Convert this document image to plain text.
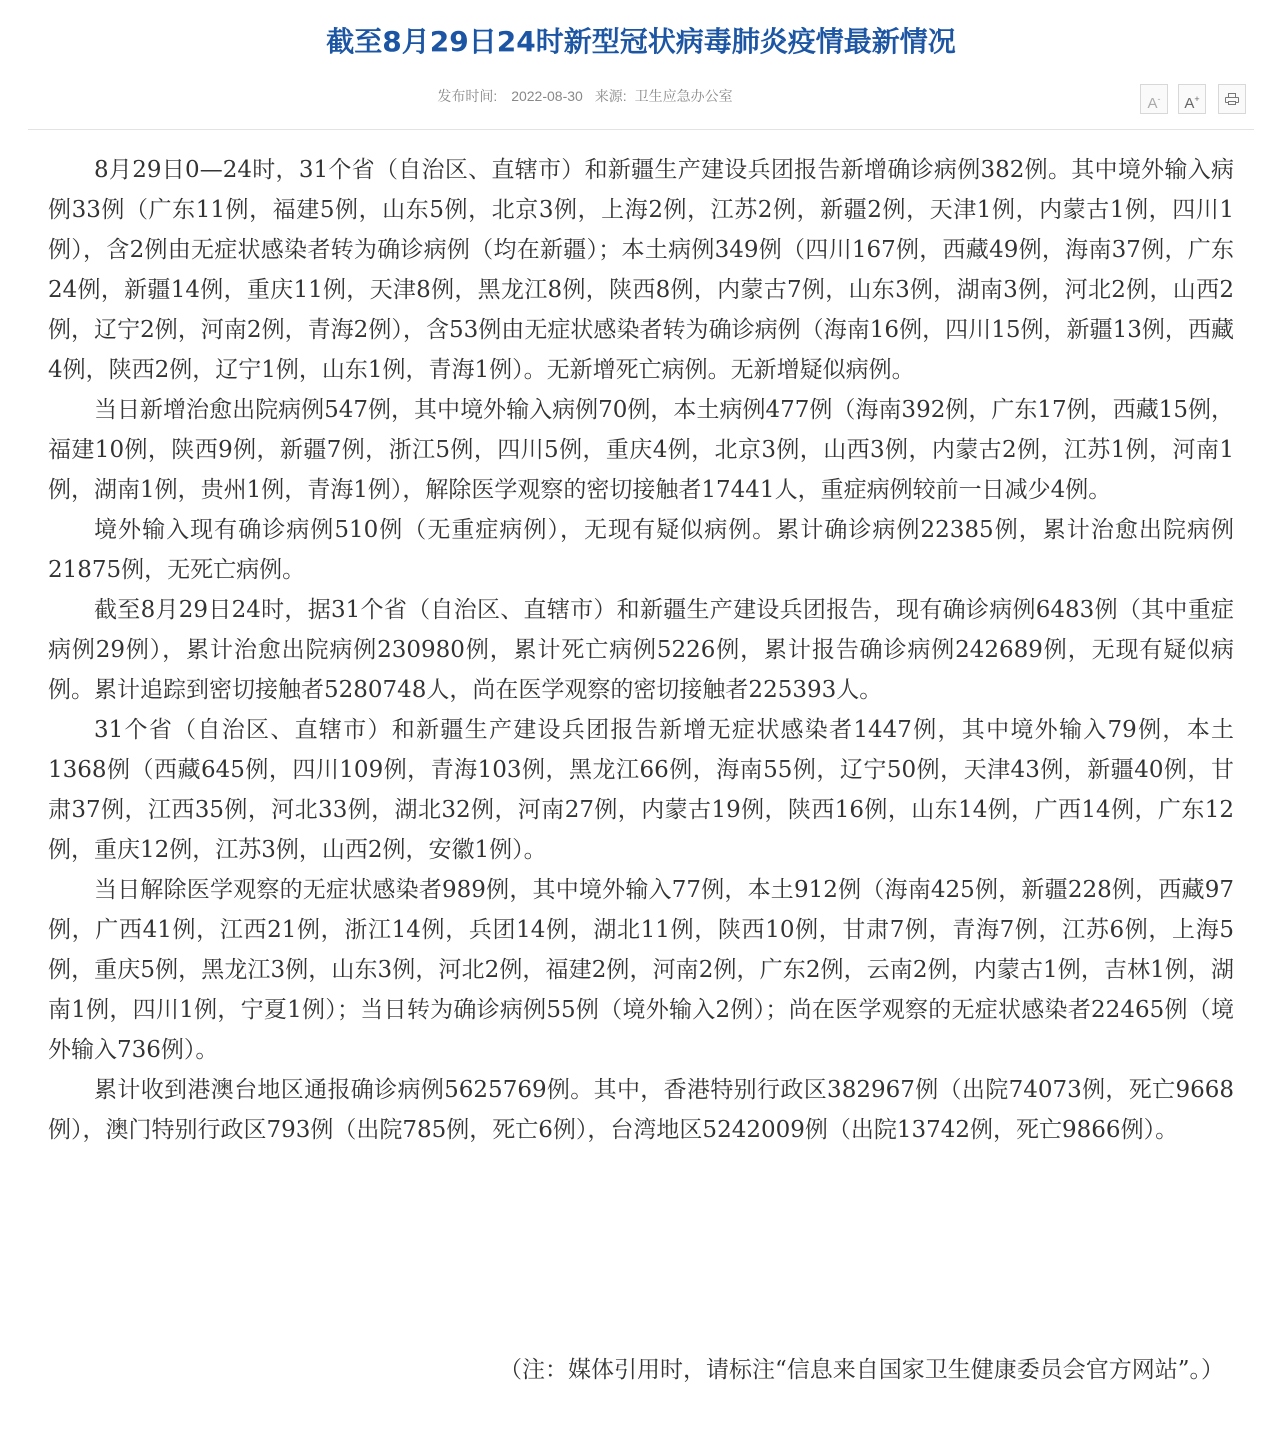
截至8月29日24时新型冠状病毒肺炎疫情最新情况
发布时间: 2022-08-30 来源: 卫生应急办公室	A-	A+

8月29日0—24时，31个省（自治区、直辖市）和新疆生产建设兵团报告新增确诊病例382例。其中境外输入病例33例（广东11例，福建5例，山东5例，北京3例，上海2例，江苏2例，新疆2例，天津1例，内蒙古1例，四川1例），含2例由无症状感染者转为确诊病例（均在新疆）；本土病例349例（四川167例，西藏49例，海南37例，广东24例，新疆14例，重庆11例，天津8例，黑龙江8例，陕西8例，内蒙古7例，山东3例，湖南3例，河北2例，山西2例，辽宁2例，河南2例，青海2例），含53例由无症状感染者转为确诊病例（海南16例，四川15例，新疆13例，西藏4例，陕西2例，辽宁1例，山东1例，青海1例）。无新增死亡病例。无新增疑似病例。

当日新增治愈出院病例547例，其中境外输入病例70例，本土病例477例（海南392例，广东17例，西藏15例，福建10例，陕西9例，新疆7例，浙江5例，四川5例，重庆4例，北京3例，山西3例，内蒙古2例，江苏1例，河南1例，湖南1例，贵州1例，青海1例），解除医学观察的密切接触者17441人，重症病例较前一日减少4例。

境外输入现有确诊病例510例（无重症病例），无现有疑似病例。累计确诊病例22385例，累计治愈出院病例21875例，无死亡病例。

截至8月29日24时，据31个省（自治区、直辖市）和新疆生产建设兵团报告，现有确诊病例6483例（其中重症病例29例），累计治愈出院病例230980例，累计死亡病例5226例，累计报告确诊病例242689例，无现有疑似病例。累计追踪到密切接触者5280748人，尚在医学观察的密切接触者225393人。

31个省（自治区、直辖市）和新疆生产建设兵团报告新增无症状感染者1447例，其中境外输入79例，本土1368例（西藏645例，四川109例，青海103例，黑龙江66例，海南55例，辽宁50例，天津43例，新疆40例，甘肃37例，江西35例，河北33例，湖北32例，河南27例，内蒙古19例，陕西16例，山东14例，广西14例，广东12例，重庆12例，江苏3例，山西2例，安徽1例）。

当日解除医学观察的无症状感染者989例，其中境外输入77例，本土912例（海南425例，新疆228例，西藏97例，广西41例，江西21例，浙江14例，兵团14例，湖北11例，陕西10例，甘肃7例，青海7例，江苏6例，上海5例，重庆5例，黑龙江3例，山东3例，河北2例，福建2例，河南2例，广东2例，云南2例，内蒙古1例，吉林1例，湖南1例，四川1例，宁夏1例）；当日转为确诊病例55例（境外输入2例）；尚在医学观察的无症状感染者22465例（境外输入736例）。

累计收到港澳台地区通报确诊病例5625769例。其中，香港特别行政区382967例（出院74073例，死亡9668例），澳门特别行政区793例（出院785例，死亡6例），台湾地区5242009例（出院13742例，死亡9866例）。

（注：媒体引用时，请标注“信息来自国家卫生健康委员会官方网站”。）
